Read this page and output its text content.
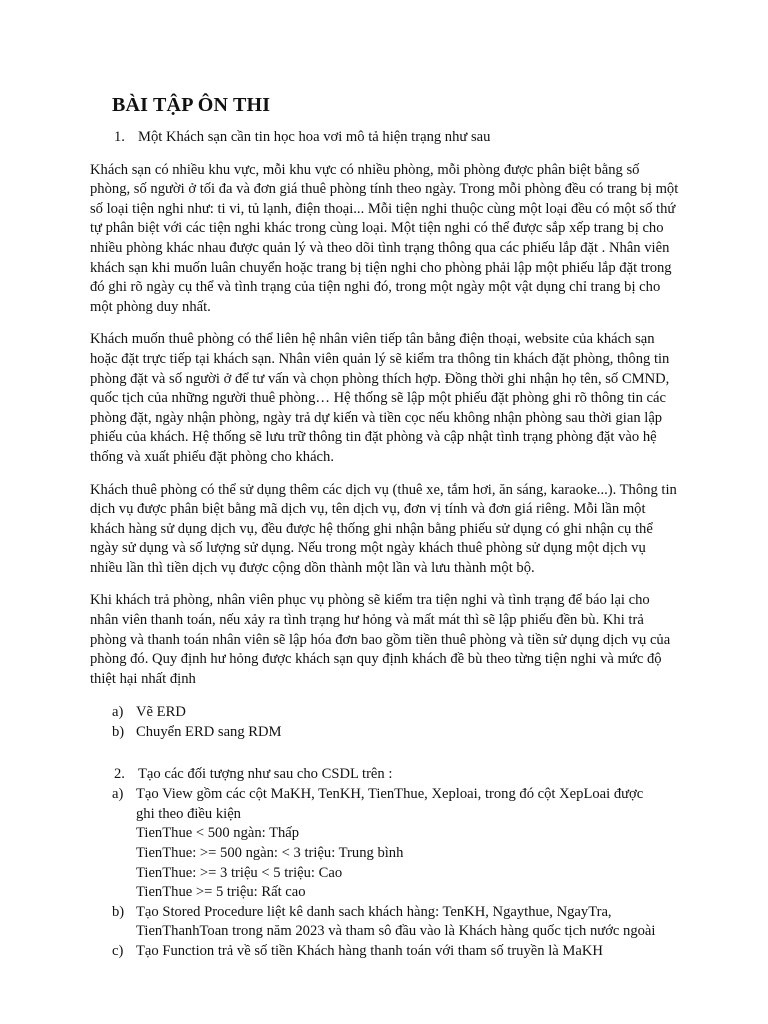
BÀI TẬP ÔN THI
1. Một Khách sạn cần tin học hoa vơi mô tả hiện trạng như sau

Khách sạn có nhiều khu vực, mỗi khu vực có nhiều phòng, mỗi phòng được phân biệt bằng số phòng, số người ở tối đa và đơn giá thuê phòng tính theo ngày. Trong mỗi phòng đều có trang bị một số loại tiện nghi như: ti vi, tủ lạnh, điện thoại... Mỗi tiện nghi thuộc cùng một loại đều có một số thứ tự phân biệt với các tiện nghi khác trong cùng loại. Một tiện nghi có thể được sắp xếp trang bị cho nhiều phòng khác nhau được quản lý và theo dõi tình trạng thông qua các phiếu lắp đặt . Nhân viên khách sạn khi muốn luân chuyển hoặc trang bị tiện nghi cho phòng phải lập một phiếu lắp đặt trong đó ghi rõ ngày cụ thể và tình trạng của tiện nghi đó, trong một ngày một vật dụng chỉ trang bị cho một phòng duy nhất.

Khách muốn thuê phòng có thể liên hệ nhân viên tiếp tân bằng điện thoại, website của khách sạn hoặc đặt trực tiếp tại khách sạn. Nhân viên quản lý sẽ kiểm tra thông tin khách đặt phòng, thông tin phòng đặt và số người ở để tư vấn và chọn phòng thích hợp. Đồng thời ghi nhận họ tên, số CMND, quốc tịch của những người thuê phòng… Hệ thống sẽ lập một phiếu đặt phòng ghi rõ thông tin các phòng đặt, ngày nhận phòng, ngày trả dự kiến và tiền cọc nếu không nhận phòng sau thời gian lập phiếu của khách. Hệ thống sẽ lưu trữ thông tin đặt phòng và cập nhật tình trạng phòng đặt vào hệ thống và xuất phiếu đặt phòng cho khách.

Khách thuê phòng có thể sử dụng thêm các dịch vụ (thuê xe, tắm hơi, ăn sáng, karaoke...). Thông tin dịch vụ được phân biệt bằng mã dịch vụ, tên dịch vụ, đơn vị tính và đơn giá riêng. Mỗi lần một khách hàng sử dụng dịch vụ, đều được hệ thống ghi nhận bằng phiếu sử dụng có ghi nhận cụ thể ngày sử dụng và số lượng sử dụng. Nếu trong một ngày khách thuê phòng sử dụng một dịch vụ nhiều lần thì tiền dịch vụ được cộng dồn thành một lần và lưu thành một bộ.

Khi khách trả phòng, nhân viên phục vụ phòng sẽ kiểm tra tiện nghi và tình trạng để báo lại cho nhân viên thanh toán, nếu xảy ra tình trạng hư hỏng và mất mát thì sẽ lập phiếu đền bù. Khi trả phòng và thanh toán nhân viên sẽ lập hóa đơn bao gồm tiền thuê phòng và tiền sử dụng dịch vụ của phòng đó. Quy định hư hỏng được khách sạn quy định khách đề bù theo từng tiện nghi và mức độ thiệt hại nhất định

a) Vẽ ERD
b) Chuyển ERD sang RDM
2. Tạo các đối tượng như sau cho CSDL trên :
a) Tạo View gồm các cột MaKH, TenKH, TienThue, Xeploai, trong đó cột XepLoai được
ghi theo điều kiện
TienThue < 500 ngàn: Thấp
TienThue: >= 500 ngàn: < 3 triệu: Trung bình
TienThue: >= 3 triệu < 5 triệu: Cao
TienThue >= 5 triệu: Rất cao
b) Tạo Stored Procedure liệt kê danh sach khách hàng: TenKH, Ngaythue, NgayTra,
TienThanhToan trong năm 2023 và tham sô đầu vào là Khách hàng quốc tịch nước ngoài
c) Tạo Function trả về số tiền Khách hàng thanh toán với tham số truyền là MaKH
